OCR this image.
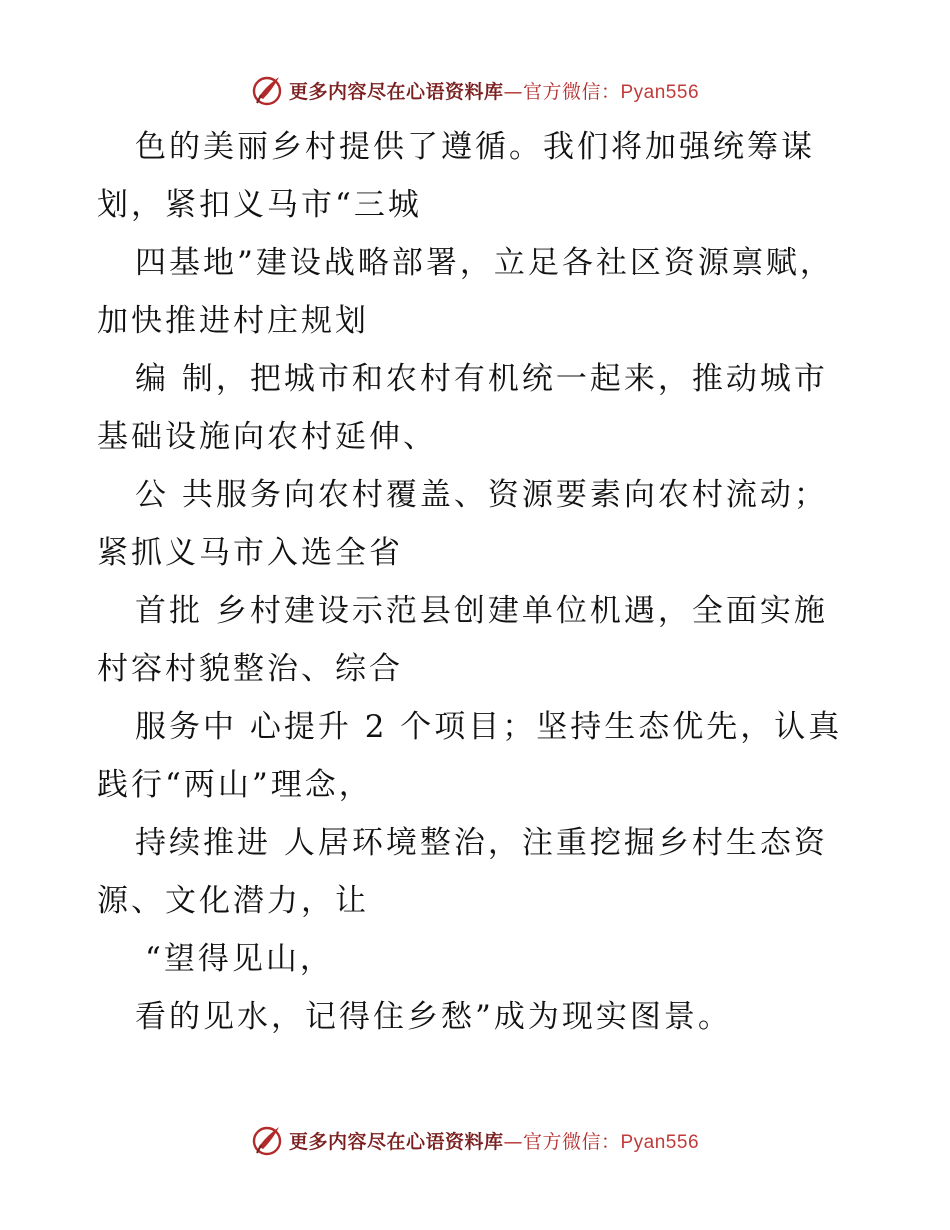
更多内容尽在心语资料库—官方微信：Pyan556
色的美丽乡村提供了遵循。我们将加强统筹谋
划，紧扣义马市“三城
四基地”建设战略部署，立足各社区资源禀赋，
加快推进村庄规划
编 制，把城市和农村有机统一起来，推动城市
基础设施向农村延伸、
公 共服务向农村覆盖、资源要素向农村流动；
紧抓义马市入选全省
首批 乡村建设示范县创建单位机遇，全面实施
村容村貌整治、综合
服务中 心提升 2 个项目；坚持生态优先，认真
践行“两山”理念，
持续推进 人居环境整治，注重挖掘乡村生态资
源、文化潜力，让
“望得见山，
看的见水，记得住乡愁”成为现实图景。
更多内容尽在心语资料库—官方微信：Pyan556
